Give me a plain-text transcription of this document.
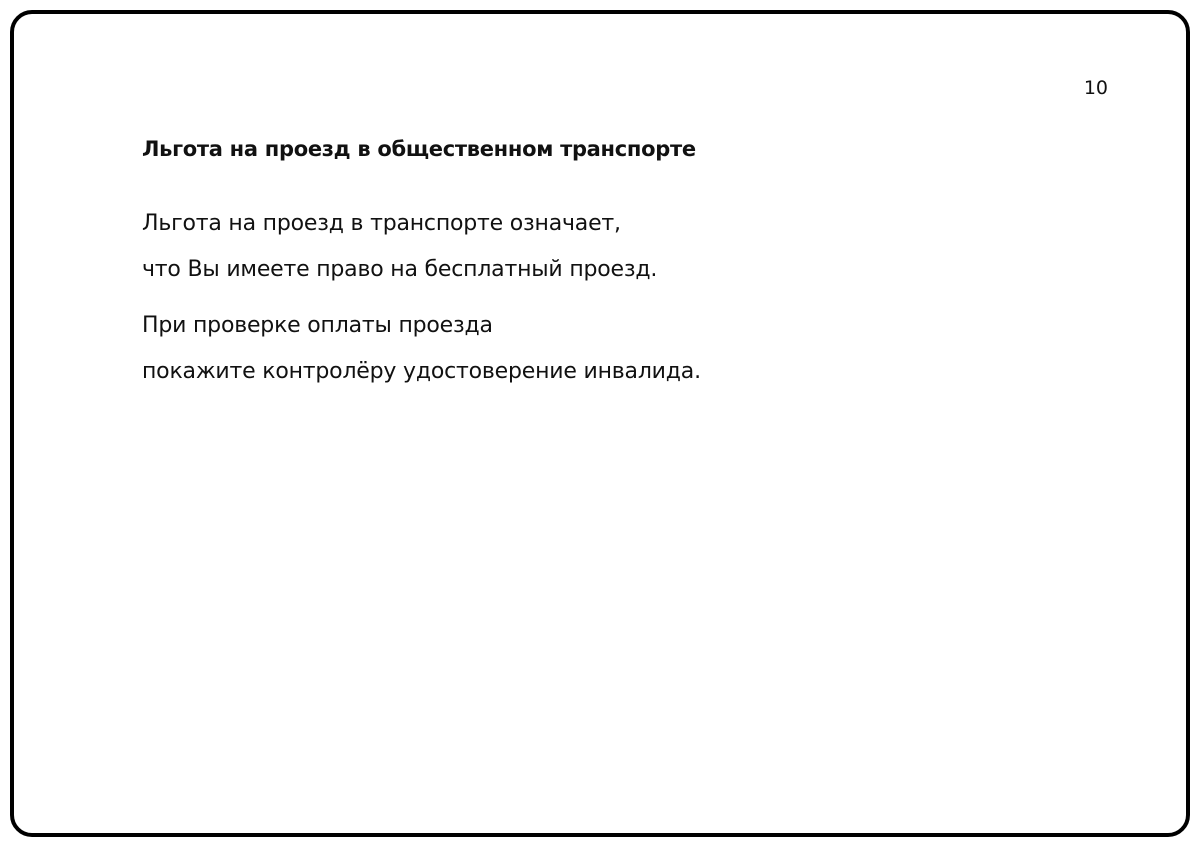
10
Льгота на проезд в общественном транспорте

Льгота на проезд в транспорте означает,
что Вы имеете право на бесплатный проезд.

При проверке оплаты проезда
покажите контролёру удостоверение инвалида.
